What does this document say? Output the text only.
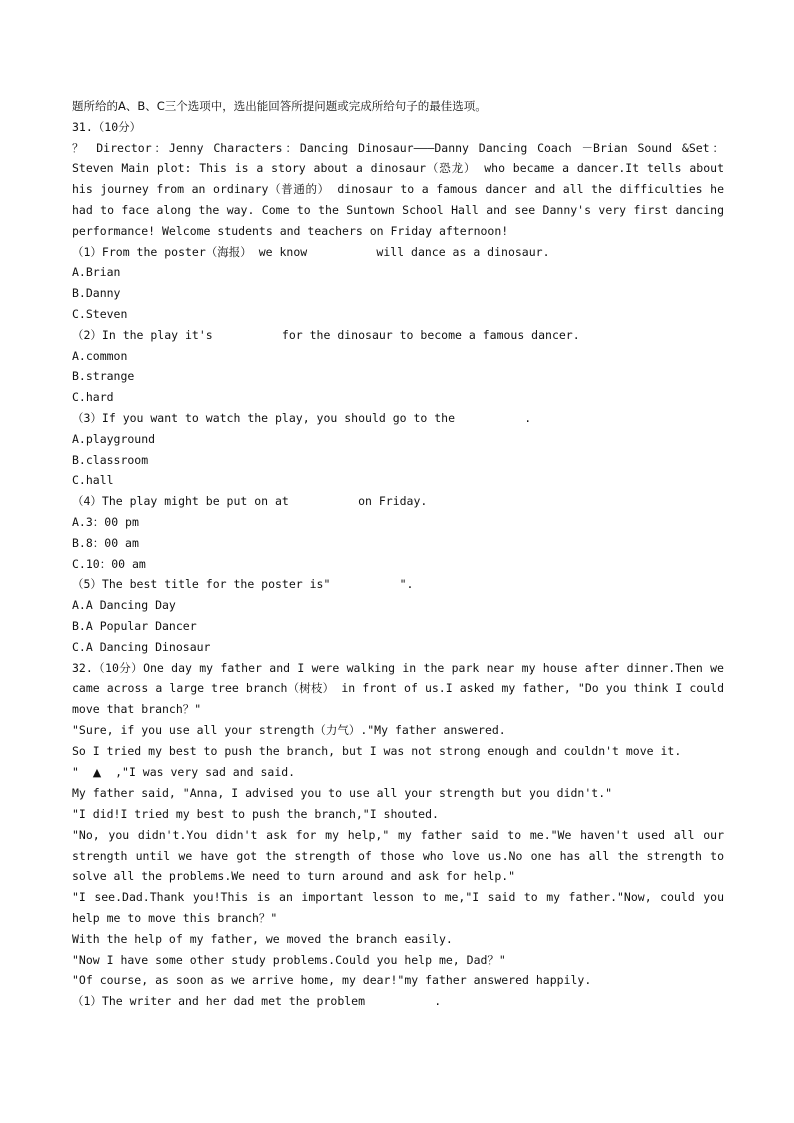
题所给的A、B、C三个选项中，选出能回答所提问题或完成所给句子的最佳选项。
31.（10分）
？ Director：Jenny Characters：Dancing Dinosaur———Danny Dancing Coach －Brian Sound &Set：Steven Main plot: This is a story about a dinosaur（恐龙） who became a dancer.It tells about his journey from an ordinary（普通的） dinosaur to a famous dancer and all the difficulties he had to face along the way. Come to the Suntown School Hall and see Danny's very first dancing performance! Welcome students and teachers on Friday afternoon!
（1）From the poster（海报） we know          will dance as a dinosaur.
A.Brian
B.Danny
C.Steven
（2）In the play it's          for the dinosaur to become a famous dancer.
A.common
B.strange
C.hard
（3）If you want to watch the play, you should go to the          .
A.playground
B.classroom
C.hall
（4）The play might be put on at          on Friday.
A.3：00 pm
B.8：00 am
C.10：00 am
（5）The best title for the poster is"          ".
A.A Dancing Day
B.A Popular Dancer
C.A Dancing Dinosaur
32.（10分）One day my father and I were walking in the park near my house after dinner.Then we came across a large tree branch（树枝） in front of us.I asked my father, "Do you think I could move that branch？"
"Sure, if you use all your strength（力气）."My father answered.
So I tried my best to push the branch, but I was not strong enough and couldn't move it.
"  ▲  ,"I was very sad and said.
My father said, "Anna, I advised you to use all your strength but you didn't."
"I did!I tried my best to push the branch,"I shouted.
"No, you didn't.You didn't ask for my help," my father said to me."We haven't used all our strength until we have got the strength of those who love us.No one has all the strength to solve all the problems.We need to turn around and ask for help."
"I see.Dad.Thank you!This is an important lesson to me,"I said to my father."Now, could you help me to move this branch？"
With the help of my father, we moved the branch easily.
"Now I have some other study problems.Could you help me, Dad？"
"Of course, as soon as we arrive home, my dear!"my father answered happily.
（1）The writer and her dad met the problem          .
